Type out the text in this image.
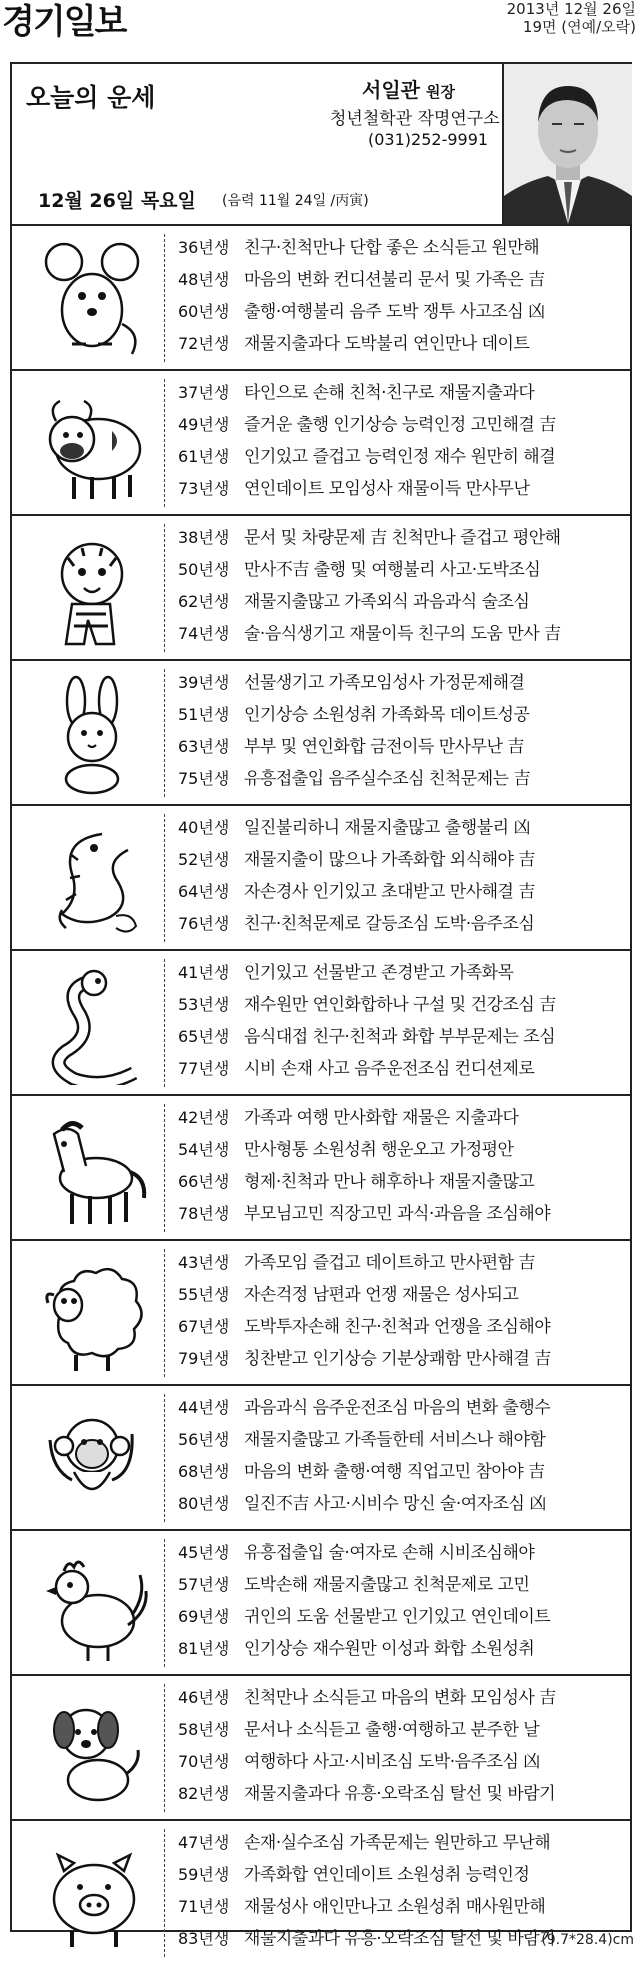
경기일보	2013년 12월 26일
19면 (연예/오락)
오늘의 운세	서일관 원장
청년철학관 작명연구소
(031)252-9991
12월 26일 목요일 (음력 11월 24일 /丙寅)
36년생 친구·친척만나 단합 좋은 소식듣고 원만해
48년생 마음의 변화 컨디션불리 문서 및 가족은 吉
60년생 출행·여행불리 음주 도박 쟁투 사고조심 凶
72년생 재물지출과다 도박불리 연인만나 데이트
37년생 타인으로 손해 친척·친구로 재물지출과다
49년생 즐거운 출행 인기상승 능력인정 고민해결 吉
61년생 인기있고 즐겁고 능력인정 재수 원만히 해결
73년생 연인데이트 모임성사 재물이득 만사무난
38년생 문서 및 차량문제 吉 친척만나 즐겁고 평안해
50년생 만사不吉 출행 및 여행불리 사고·도박조심
62년생 재물지출많고 가족외식 과음과식 술조심
74년생 술·음식생기고 재물이득 친구의 도움 만사 吉
39년생 선물생기고 가족모임성사 가정문제해결
51년생 인기상승 소원성취 가족화목 데이트성공
63년생 부부 및 연인화합 금전이득 만사무난 吉
75년생 유흥접출입 음주실수조심 친척문제는 吉
40년생 일진불리하니 재물지출많고 출행불리 凶
52년생 재물지출이 많으나 가족화합 외식해야 吉
64년생 자손경사 인기있고 초대받고 만사해결 吉
76년생 친구·친척문제로 갈등조심 도박·음주조심
41년생 인기있고 선물받고 존경받고 가족화목
53년생 재수원만 연인화합하나 구설 및 건강조심 吉
65년생 음식대접 친구·친척과 화합 부부문제는 조심
77년생 시비 손재 사고 음주운전조심 컨디션제로
42년생 가족과 여행 만사화합 재물은 지출과다
54년생 만사형통 소원성취 행운오고 가정평안
66년생 형제·친척과 만나 해후하나 재물지출많고
78년생 부모님고민 직장고민 과식·과음을 조심해야
43년생 가족모임 즐겁고 데이트하고 만사편함 吉
55년생 자손걱정 남편과 언쟁 재물은 성사되고
67년생 도박투자손해 친구·친척과 언쟁을 조심해야
79년생 칭찬받고 인기상승 기분상쾌함 만사해결 吉
44년생 과음과식 음주운전조심 마음의 변화 출행수
56년생 재물지출많고 가족들한테 서비스나 해야함
68년생 마음의 변화 출행·여행 직업고민 참아야 吉
80년생 일진不吉 사고·시비수 망신 술·여자조심 凶
45년생 유흥접출입 술·여자로 손해 시비조심해야
57년생 도박손해 재물지출많고 친척문제로 고민
69년생 귀인의 도움 선물받고 인기있고 연인데이트
81년생 인기상승 재수원만 이성과 화합 소원성취
46년생 친척만나 소식듣고 마음의 변화 모임성사 吉
58년생 문서나 소식듣고 출행·여행하고 분주한 날
70년생 여행하다 사고·시비조심 도박·음주조심 凶
82년생 재물지출과다 유흥·오락조심 탈선 및 바람기
47년생 손재·실수조심 가족문제는 원만하고 무난해
59년생 가족화합 연인데이트 소원성취 능력인정
71년생 재물성사 애인만나고 소원성취 매사원만해
83년생 재물지출과다 유흥·오락조심 탈선 및 바람기
(9.7*28.4)cm
